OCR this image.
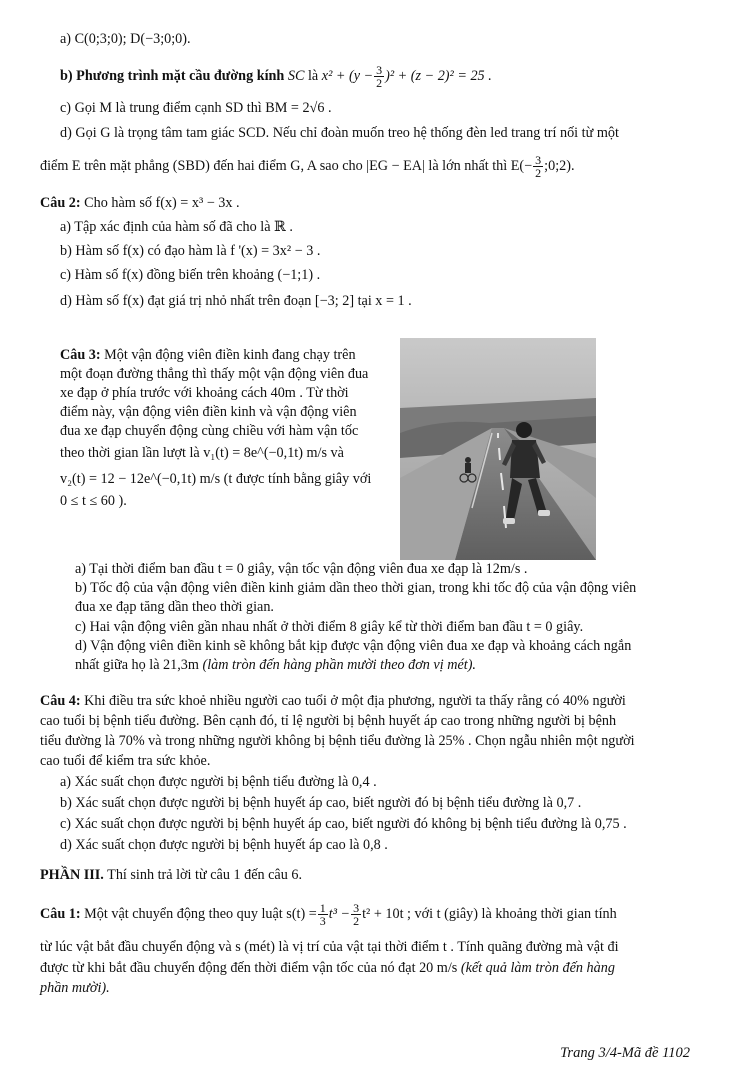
a) C(0;3;0); D(−3;0;0).
b) Phương trình mặt cầu đường kính SC là $x^2 + (y - \frac{3}{2} )^2 + (z - 2)^2 = 25$ .
c) Gọi M là trung điểm cạnh SD thì BM = 2√6 .
d) Gọi G là trọng tâm tam giác SCD. Nếu chỉ đoàn muốn treo hệ thống đèn led trang trí nối từ một
điểm E trên mặt phẳng (SBD) đến hai điểm G, A sao cho |EG − EA| là lớn nhất thì $E(- \frac{3}{2}$ ;0;2).
Câu 2: Cho hàm số f(x) = x³ − 3x .
a) Tập xác định của hàm số đã cho là ℝ .
b) Hàm số f(x) có đạo hàm là f '(x) = 3x² − 3 .
c) Hàm số f(x) đồng biến trên khoảng (−1;1) .
d) Hàm số f(x) đạt giá trị nhỏ nhất trên đoạn [−3; 2] tại x = 1 .
Câu 3: Một vận động viên điền kinh đang chạy trên
một đoạn đường thẳng thì thấy một vận động viên đua
xe đạp ở phía trước với khoảng cách 40m . Từ thời
điểm này, vận động viên điền kinh và vận động viên
đua xe đạp chuyển động cùng chiều với hàm vận tốc
theo thời gian lần lượt là v₁(t) = 8e^(−0,1t) m/s và
v₂(t) = 12 − 12e^(−0,1t) m/s (t được tính bằng giây với
0 ≤ t ≤ 60 ).
a) Tại thời điểm ban đầu t = 0 giây, vận tốc vận động viên đua xe đạp là 12m/s .
b) Tốc độ của vận động viên điền kinh giảm dần theo thời gian, trong khi tốc độ của vận động viên
đua xe đạp tăng dần theo thời gian.
c) Hai vận động viên gần nhau nhất ở thời điểm 8 giây kể từ thời điểm ban đầu t = 0 giây.
d) Vận động viên điền kinh sẽ không bắt kịp được vận động viên đua xe đạp và khoảng cách ngắn
nhất giữa họ là 21,3m (làm tròn đến hàng phần mười theo đơn vị mét).
Câu 4: Khi điều tra sức khoẻ nhiều người cao tuổi ở một địa phương, người ta thấy rằng có 40% người
cao tuổi bị bệnh tiểu đường. Bên cạnh đó, tỉ lệ người bị bệnh huyết áp cao trong những người bị bệnh
tiểu đường là 70% và trong những người không bị bệnh tiểu đường là 25% . Chọn ngẫu nhiên một người
cao tuổi để kiểm tra sức khỏe.
a) Xác suất chọn được người bị bệnh tiểu đường là 0,4 .
b) Xác suất chọn được người bị bệnh huyết áp cao, biết người đó bị bệnh tiểu đường là 0,7 .
c) Xác suất chọn được người bị bệnh huyết áp cao, biết người đó không bị bệnh tiểu đường là 0,75 .
d) Xác suất chọn được người bị bệnh huyết áp cao là 0,8 .
PHẦN III. Thí sinh trả lời từ câu 1 đến câu 6.
Câu 1: Một vật chuyển động theo quy luật $s(t) = \frac{1}{3} t^3 - \frac{3}{2} t^2 + 10t$ ; với t (giây) là khoảng thời gian tính
từ lúc vật bắt đầu chuyển động và s (mét) là vị trí của vật tại thời điểm t . Tính quãng đường mà vật đi
được từ khi bắt đầu chuyển động đến thời điểm vận tốc của nó đạt 20 m/s (kết quả làm tròn đến hàng
phần mười).
Trang 3/4-Mã đề 1102
